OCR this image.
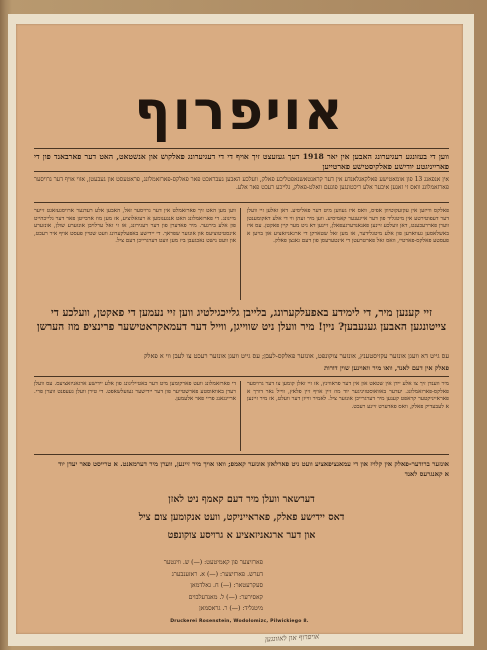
אויפרוף
ווען די בעזונגע רעגיערונג האבען אין יאר 1918 דעך געזעצט זיך אויף די די דעגיערונג פאלקוש און אנשטאט, האט דער פארבאנד פון די פארייניגטע יודישע פאלקיסטישע פארטייען
אין אנפאנג 13 פון אומאטישע פאלקאגלאנדע אין דער קראנטאשנאפטליכע פאלק, וועלכע האבען געבראכט פאר פאלקס-פארזאמלונג, פראטעסט און געבעטן, אזוי אויף דער גרויסער פארזאמלונג וואס זי זאגען איבער אלע ריכטונגען פונעם וואלט-פאלק, גלייכע רעכט פאר אלע.
פאלקס ווייזען אין עקזעקוטיוון אפיס, וואס איז געווען מיט דער פאליסיע. דאן זאלען זיי וועלן דער דעפוטירטע אין מיטגליד פון דער אייגענער קאמיסיע. ווען מיר זעהן ווי די אלע דאקומענטן ווערן פאררעכענט, דאן וועלכע זיינען פאנאנדערגעפאלן, זיינען דא ניט מער קיין פאקטן. עס איז באשלאסען געווארען פון אלע מיטגלידער, אז מען זאל שטארקן די ארגאניזאציע און בויען א פעסטע פאלקס-פארטיי, וואס זאל פארטרעטן די אינטערעסן פון דעם גאנצן פאלק.
ווען מען האט זיך פארזאמלט אין דער גרויסער זאל, האבען אלע רעדנער ארויסגעזאגט זייער מיינונג. די פארזאמלונג האט אנגענומען א רעזאלוציע, אז מען מוז ארבייטן פאר דער גלייכהייט פון אלע בירגער. מיר פאדערן פון דער רעגירונג, אז זי זאל ערלויבן אונזערע שולן, אונזערע אינסטיטוציעס און אונזער שפראך. די יידישע באפעלקערונג וועט שטיין פעסט אויף איר רעכט, און וועט נישט נאכגעבן ביז מען וועט דערגרייכן דעם ציל.
זיי קענען מיר, די לימידע באפעלקערונג, בלייבן גלייכגילטיג ווען זיי נעמען די פאקטן, וועלכע די צייטונגען האבען געגעבען? ניין! מיר וועלן ניט שווייגן, ווייל דער דעמאקראטישער פרינציפ מוז הערשן
עס גייט דא וועגן אונזער עקזיסטענץ, אונזער צוקונפט, אונזער פאלקס-לעבן; עס גייט וועגן אונזער רעכט צו לעבן ווי א פאלק
פאלק אין דעם לאנד, וואו מיר וואוינען שוין דורות
מיר ווענדן זיך צו אלע יידן אין שטאט און אין דער פראווינץ, אז זיי זאלן קומען צו דער גרויסער פאלקס-פארזאמלונג. יעדער באוואוסטזיניגער יוד מוז זיין אויף זיין פלאץ, ווייל נאר דורך א פאראייניקטער קראפט קענען מיר דערגרייכן אונזער ציל. לאמיר ווייזן דער וועלט, אז מיר זיינען א לעבעדיק פאלק, וואס פאדערט זיינע רעכט.
די פארזאמלונג וועט פארקומען מיט דער באטייליגונג פון אלע יידישע ארגאניזאציעס. עס וועלן רעדן באוואוסטע פארשטייער פון דער יידישער געזעלשאפט. די טירן וועלן געעפנט ווערן פרי. אריינגאנג פריי פאר אלעמען.
אונזער ברודער-פאלק אין קלויז און די עמאנציפאציע וועט ניט פארלאזן אונזער קאמפ; וואו אויך מיר זיינען, ווערן מיר דערמאנט. א טרייסט פאר יעדן יוד
א קאנגרעס לאנד
דערשאר וועלן מיר דעם קאמף ניט לאזן
דאס יידישע פאלק, פאראייניקט, וועט אנקומען צום ציל
און דער ארגאניזאציע א גרויסע צוקונפט
פארזיצער פון קאמיטעט: (—) ש. ווינטער
דערש. פארזיצער: (—) א. ראזענבערג
סעקרעטאר: (—) ח. גאלדמאן
קאסירער: (—) ל. מאנדעלבוים
מיטגליד: (—) ר. גראסמאן
Druckerei Rosenstein, Wodolomizc, Pilwickiego 8.
אויפרוף און לאזונגען
